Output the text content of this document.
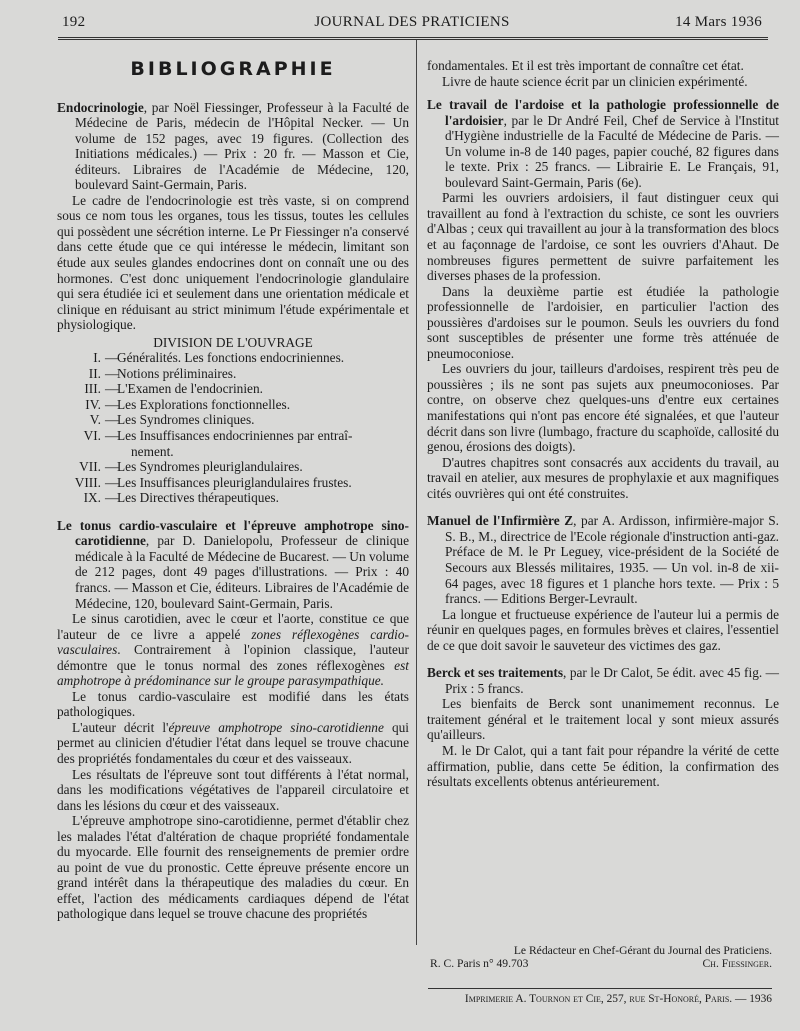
192	JOURNAL DES PRATICIENS	14 Mars 1936
BIBLIOGRAPHIE
Endocrinologie, par Noël Fiessinger, Professeur à la Faculté de Médecine de Paris, médecin de l'Hôpital Necker. — Un volume de 152 pages, avec 19 figures. (Collection des Initiations médicales.) — Prix : 20 fr. — Masson et Cie, éditeurs. Libraires de l'Académie de Médecine, 120, boulevard Saint-Germain, Paris.

Le cadre de l'endocrinologie est très vaste, si on comprend sous ce nom tous les organes, tous les tissus, toutes les cellules qui possèdent une sécrétion interne. Le Pr Fiessinger n'a conservé dans cette étude que ce qui intéresse le médecin, limitant son étude aux seules glandes endocrines dont on connaît une ou des hormones. C'est donc uniquement l'endocrinologie glandulaire qui sera étudiée ici et seulement dans une orientation médicale et clinique en réduisant au strict minimum l'étude expérimentale et physiologique.

DIVISION DE L'OUVRAGE
I. —
Généralités. Les fonctions endocriniennes.
II. —
Notions préliminaires.
III. —
L'Examen de l'endocrinien.
IV. —
Les Explorations fonctionnelles.
V. —
Les Syndromes cliniques.
VI. —
Les Insuffisances endocriniennes par entraî-
nement.
VII. —
Les Syndromes pleuriglandulaires.
VIII. —
Les Insuffisances pleuriglandulaires frustes.
IX. —
Les Directives thérapeutiques.
Le tonus cardio-vasculaire et l'épreuve amphotrope sino-carotidienne, par D. Danielopolu, Professeur de clinique médicale à la Faculté de Médecine de Bucarest. — Un volume de 212 pages, dont 49 pages d'illustrations. — Prix : 40 francs. — Masson et Cie, éditeurs. Libraires de l'Académie de Médecine, 120, boulevard Saint-Germain, Paris.

Le sinus carotidien, avec le cœur et l'aorte, constitue ce que l'auteur de ce livre a appelé zones réflexogènes cardio-vasculaires. Contrairement à l'opinion classique, l'auteur démontre que le tonus normal des zones réflexogènes est amphotrope à prédominance sur le groupe parasympathique.

Le tonus cardio-vasculaire est modifié dans les états pathologiques.

L'auteur décrit l'épreuve amphotrope sino-carotidienne qui permet au clinicien d'étudier l'état dans lequel se trouve chacune des propriétés fondamentales du cœur et des vaisseaux.

Les résultats de l'épreuve sont tout différents à l'état normal, dans les modifications végétatives de l'appareil circulatoire et dans les lésions du cœur et des vaisseaux.

L'épreuve amphotrope sino-carotidienne, permet d'établir chez les malades l'état d'altération de chaque propriété fondamentale du myocarde. Elle fournit des renseignements de premier ordre au point de vue du pronostic. Cette épreuve présente encore un grand intérêt dans la thérapeutique des maladies du cœur. En effet, l'action des médicaments cardiaques dépend de l'état pathologique dans lequel se trouve chacune des propriétés

fondamentales. Et il est très important de connaître cet état.

Livre de haute science écrit par un clinicien expérimenté.

Le travail de l'ardoise et la pathologie professionnelle de l'ardoisier, par le Dr André Feil, Chef de Service à l'Institut d'Hygiène industrielle de la Faculté de Médecine de Paris. — Un volume in-8 de 140 pages, papier couché, 82 figures dans le texte. Prix : 25 francs. — Librairie E. Le Français, 91, boulevard Saint-Germain, Paris (6e).

Parmi les ouvriers ardoisiers, il faut distinguer ceux qui travaillent au fond à l'extraction du schiste, ce sont les ouvriers d'Albas ; ceux qui travaillent au jour à la transformation des blocs et au façonnage de l'ardoise, ce sont les ouvriers d'Ahaut. De nombreuses figures permettent de suivre parfaitement les diverses phases de la profession.

Dans la deuxième partie est étudiée la pathologie professionnelle de l'ardoisier, en particulier l'action des poussières d'ardoises sur le poumon. Seuls les ouvriers du fond sont susceptibles de présenter une forme très atténuée de pneumoconiose.

Les ouvriers du jour, tailleurs d'ardoises, respirent très peu de poussières ; ils ne sont pas sujets aux pneumoconioses. Par contre, on observe chez quelques-uns d'entre eux certaines manifestations qui n'ont pas encore été signalées, et que l'auteur décrit dans son livre (lumbago, fracture du scaphoïde, callosité du genou, érosions des doigts).

D'autres chapitres sont consacrés aux accidents du travail, au travail en atelier, aux mesures de prophylaxie et aux magnifiques cités ouvrières qui ont été construites.

Manuel de l'Infirmière Z, par A. Ardisson, infirmière-major S. S. B., M., directrice de l'Ecole régionale d'instruction anti-gaz. Préface de M. le Pr Leguey, vice-président de la Société de Secours aux Blessés militaires, 1935. — Un vol. in-8 de xii-64 pages, avec 18 figures et 1 planche hors texte. — Prix : 5 francs. — Editions Berger-Levrault.

La longue et fructueuse expérience de l'auteur lui a permis de réunir en quelques pages, en formules brèves et claires, l'essentiel de ce que doit savoir le sauveteur des victimes des gaz.

Berck et ses traitements, par le Dr Calot, 5e édit. avec 45 fig. — Prix : 5 francs.

Les bienfaits de Berck sont unanimement reconnus. Le traitement général et le traitement local y sont mieux assurés qu'ailleurs.

M. le Dr Calot, qui a tant fait pour répandre la vérité de cette affirmation, publie, dans cette 5e édition, la confirmation des résultats excellents obtenus antérieurement.

Le Rédacteur en Chef-Gérant du Journal des Praticiens.
R. C. Paris n° 49.703	Ch. Fiessinger.
Imprimerie A. Tournon et Cie, 257, rue St-Honoré, Paris. — 1936
